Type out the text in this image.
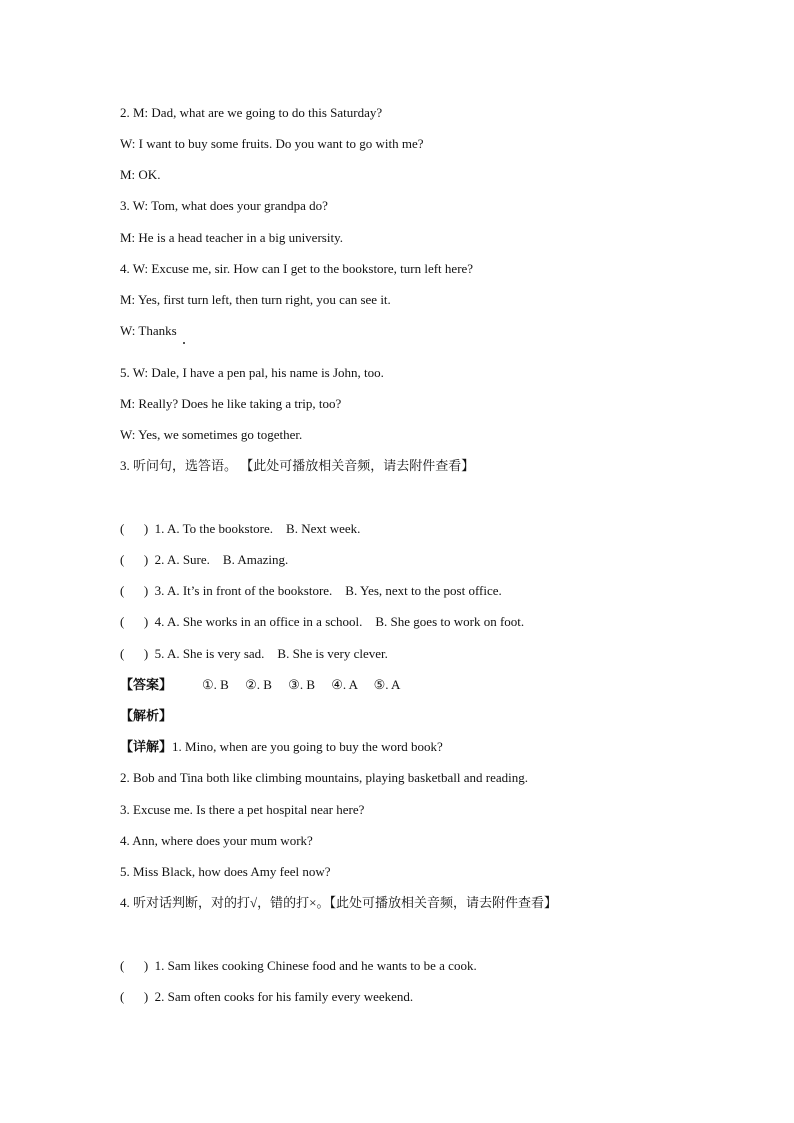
2. M: Dad, what are we going to do this Saturday?
W: I want to buy some fruits. Do you want to go with me?
M: OK.
3. W: Tom, what does your grandpa do?
M: He is a head teacher in a big university.
4. W: Excuse me, sir. How can I get to the bookstore, turn left here?
M: Yes, first turn left, then turn right, you can see it.
W: Thanks
5. W: Dale, I have a pen pal, his name is John, too.
M: Really? Does he like taking a trip, too?
W: Yes, we sometimes go together.
3. 听问句，选答语。 【此处可播放相关音频，请去附件查看】
(      )  1. A. To the bookstore.    B. Next week.
(      )  2. A. Sure.    B. Amazing.
(      )  3. A. It’s in front of the bookstore.    B. Yes, next to the post office.
(      )  4. A. She works in an office in a school.    B. She goes to work on foot.
(      )  5. A. She is very sad.    B. She is very clever.
【答案】 ①. B     ②. B     ③. B     ④. A     ⑤. A
【解析】
【详解】1. Mino, when are you going to buy the word book?
2. Bob and Tina both like climbing mountains, playing basketball and reading.
3. Excuse me. Is there a pet hospital near here?
4. Ann, where does your mum work?
5. Miss Black, how does Amy feel now?
4. 听对话判断，对的打√，错的打×。【此处可播放相关音频，请去附件查看】
(      )  1. Sam likes cooking Chinese food and he wants to be a cook.
(      )  2. Sam often cooks for his family every weekend.
